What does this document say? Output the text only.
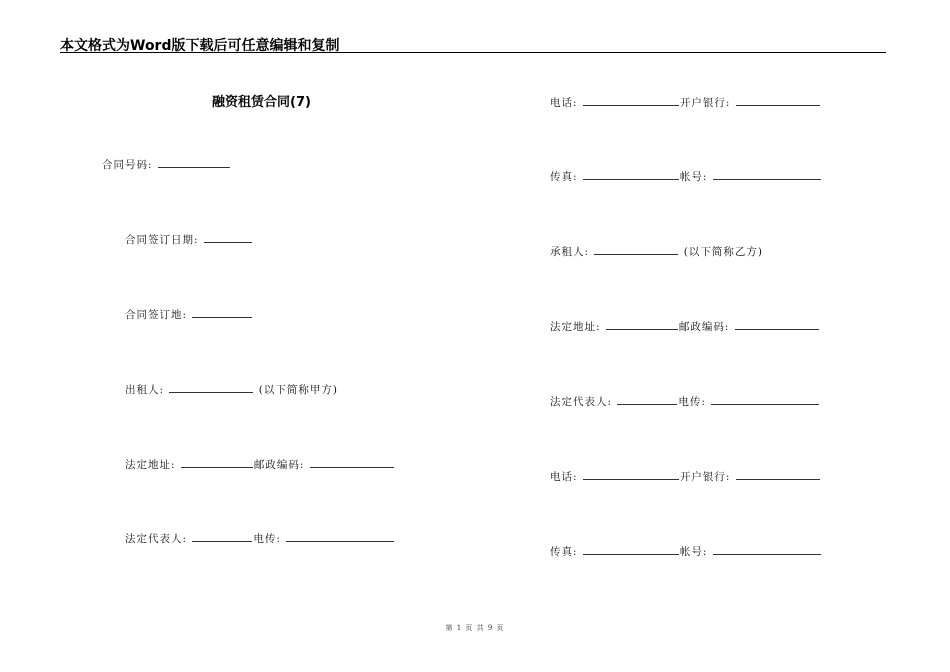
本文格式为Word版下载后可任意编辑和复制
融资租赁合同(7)
合同号码:
合同签订日期:
合同签订地:
出租人:	(以下简称甲方)
法定地址:	邮政编码:
法定代表人:	电传:
电话:	开户银行:
传真:	帐号:
承租人:	(以下简称乙方)
法定地址:	邮政编码:
法定代表人:	电传:
电话:	开户银行:
传真:	帐号:
第 1 页 共 9 页
